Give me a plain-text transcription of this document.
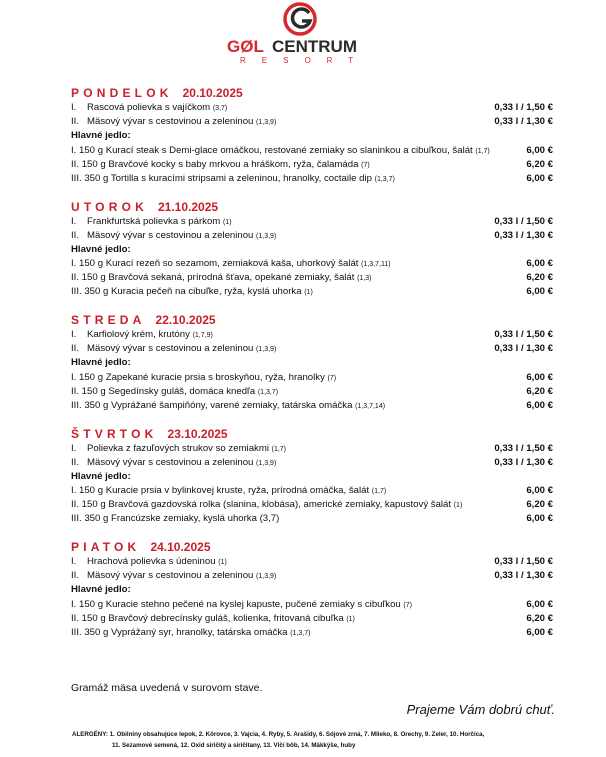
GØL CENTRUM
RESORT
PONDELOK 20.10.2025
I. Rascová polievka s vajíčkom (3,7)	0,33 l / 1,50 €
II. Mäsový vývar s cestovinou a zeleninou (1,3,9)	0,33 l / 1,30 €
Hlavné jedlo:
I. 150 g Kurací steak s Demi-glace omáčkou, restované zemiaky so slaninkou a cibuľkou, šalát (1,7)	6,00 €
II. 150 g Bravčové kocky s baby mrkvou a hráškom, ryža, čalamáda (7)	6,20 €
III. 350 g Tortilla s kuracími stripsami a zeleninou, hranolky, coctaile dip (1,3,7)	6,00 €
UTOROK 21.10.2025
I. Frankfurtská polievka s párkom (1)	0,33 l / 1,50 €
II. Mäsový vývar s cestovinou a zeleninou (1,3,9)	0,33 l / 1,30 €
Hlavné jedlo:
I. 150 g Kurací rezeň so sezamom, zemiaková kaša, uhorkový šalát (1,3,7,11)	6,00 €
II. 150 g Bravčová sekaná, prírodná šťava, opekané zemiaky, šalát (1,3)	6,20 €
III. 350 g Kuracia pečeň na cibuľke, ryža, kyslá uhorka (1)	6,00 €
STREDA 22.10.2025
I. Karfiolový krém, krutóny (1,7,9)	0,33 l / 1,50 €
II. Mäsový vývar s cestovinou a zeleninou (1,3,9)	0,33 l / 1,30 €
Hlavné jedlo:
I. 150 g Zapekané kuracie prsia s broskyňou, ryža, hranolky (7)	6,00 €
II. 150 g Segedínsky guláš, domáca knedľa (1,3,7)	6,20 €
III. 350 g Vyprážané šampiňóny, varené zemiaky, tatárska omáčka (1,3,7,14)	6,00 €
ŠTVRTOK 23.10.2025
I. Polievka z fazuľových strukov so zemiakmi (1,7)	0,33 l / 1,50 €
II. Mäsový vývar s cestovinou a zeleninou (1,3,9)	0,33 l / 1,30 €
Hlavné jedlo:
I. 150 g Kuracie prsia v bylinkovej kruste, ryža, prírodná omáčka, šalát (1,7)	6,00 €
II. 150 g Bravčová gazdovská rolka (slanina, klobása), americké zemiaky, kapustový šalát (1)	6,20 €
III. 350 g Francúzske zemiaky, kyslá uhorka (3,7)	6,00 €
PIATOK 24.10.2025
I. Hrachová polievka s údeninou (1)	0,33 l / 1,50 €
II. Mäsový vývar s cestovinou a zeleninou (1,3,9)	0,33 l / 1,30 €
Hlavné jedlo:
I. 150 g Kuracie stehno pečené na kyslej kapuste, pučené zemiaky s cibuľkou (7)	6,00 €
II. 150 g Bravčový debrecínsky guláš, kolienka, fritovaná cibuľka (1)	6,20 €
III. 350 g Vyprážaný syr, hranolky, tatárska omáčka (1,3,7)	6,00 €
Gramáž mäsa uvedená v surovom stave.
Prajeme Vám dobrú chuť.
ALERGÉNY: 1. Obilniny obsahujúce lepok, 2. Kôrovce, 3. Vajcia, 4. Ryby, 5. Arašidy, 6. Sójové zrná, 7. Mlieko, 8. Orechy, 9. Zeler, 10. Horčica,
11. Sezamové semená, 12. Oxid siričitý a siričitany, 13. Vlčí bôb, 14. Mäkkýše, huby
